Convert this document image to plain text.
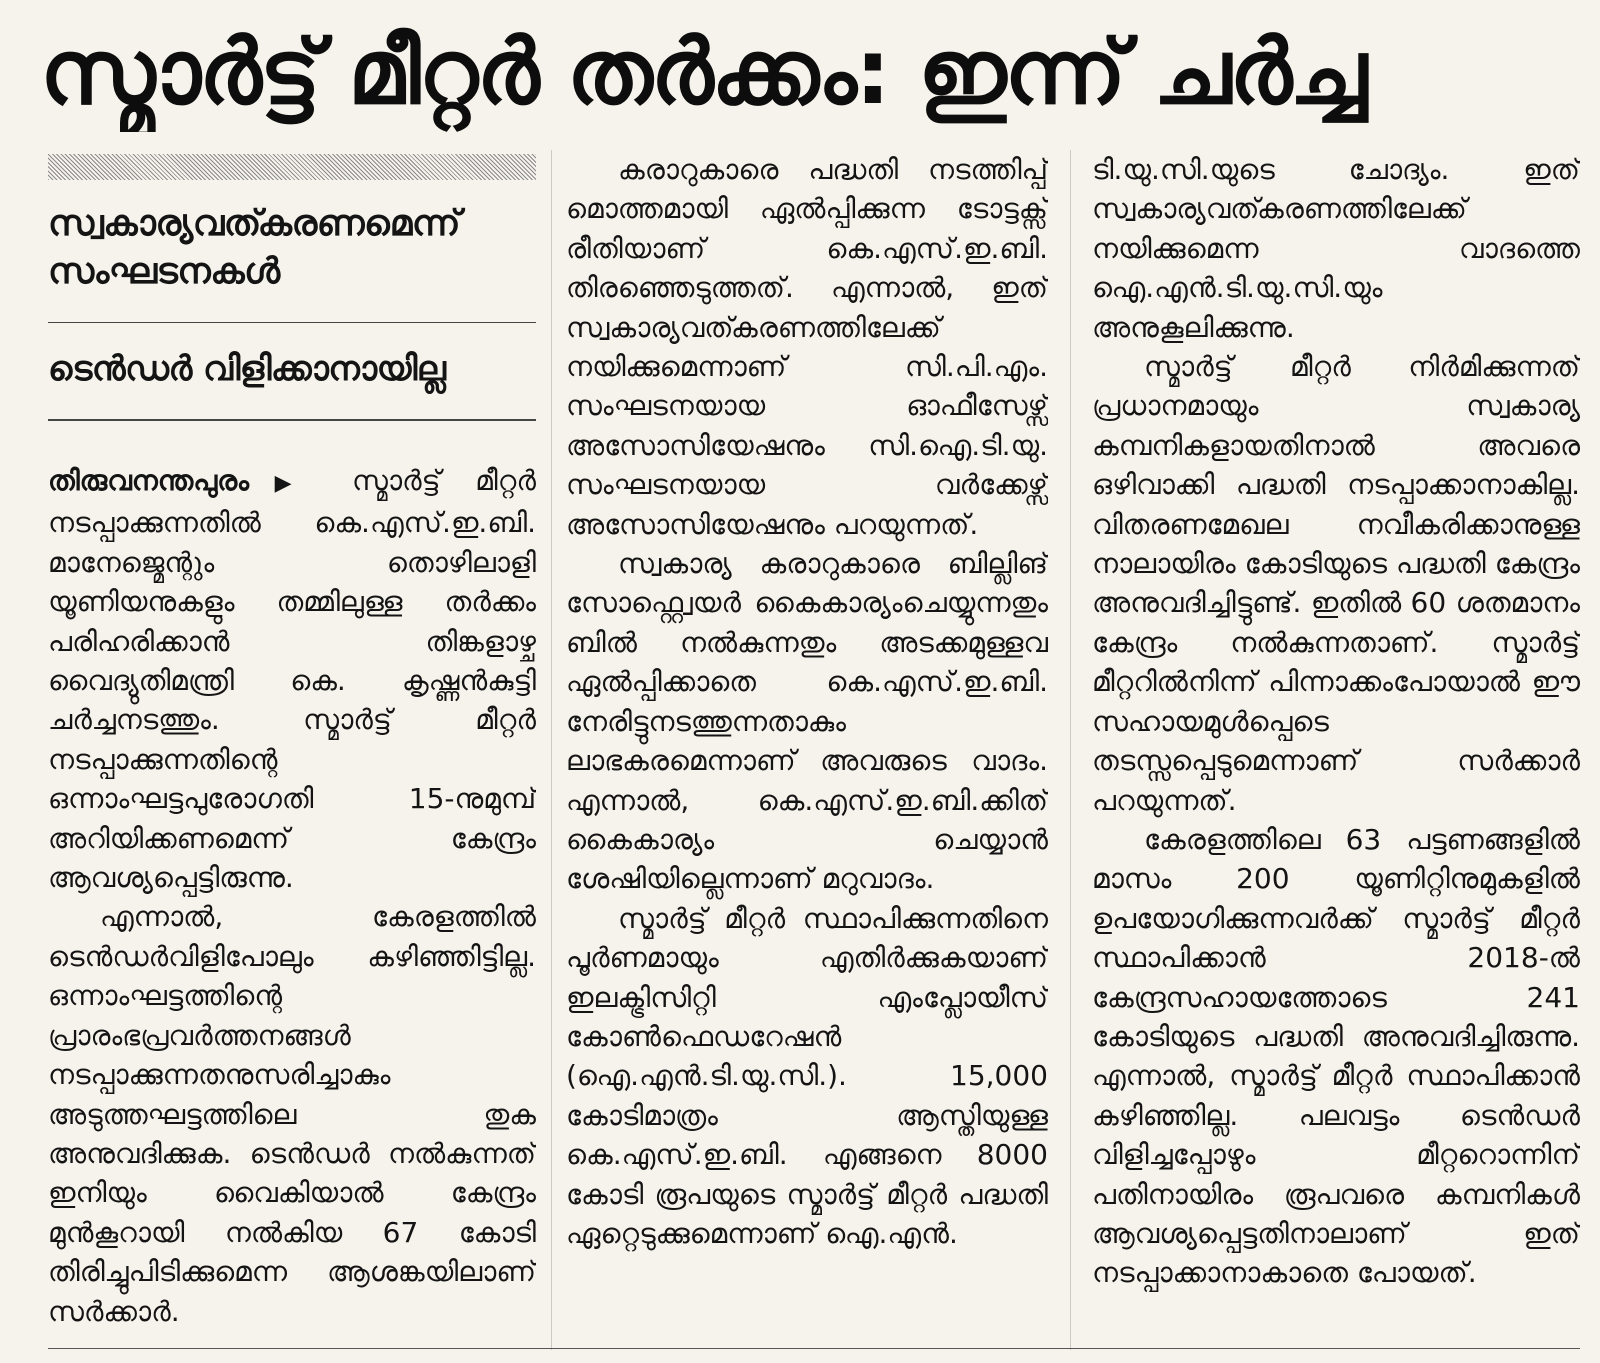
സ്മാർട്ട് മീറ്റർ തർക്കം: ഇന്ന് ചർച്ച
സ്വകാര്യവത്കരണമെന്ന് സംഘടനകൾ
ടെൻഡർ വിളിക്കാനായില്ല

തിരുവനന്തപുരം▶ സ്മാർട്ട് മീറ്റർ നടപ്പാക്കുന്നതിൽ കെ.എസ്.ഇ.ബി. മാനേജ്മെന്റും തൊഴിലാളി യൂണിയനുകളും തമ്മിലുള്ള തർക്കം പരിഹരിക്കാൻ തിങ്കളാഴ്ച വൈദ്യുതിമന്ത്രി കെ. കൃഷ്ണൻകുട്ടി ചർച്ചനടത്തും. സ്മാർട്ട് മീറ്റർ നടപ്പാക്കുന്നതിന്റെ ഒന്നാംഘട്ടപുരോഗതി 15-നുമുമ്പ് അറിയിക്കണമെന്ന് കേന്ദ്രം ആവശ്യപ്പെട്ടിരുന്നു.

എന്നാൽ, കേരളത്തിൽ ടെൻഡർവിളിപോലും കഴിഞ്ഞിട്ടില്ല. ഒന്നാംഘട്ടത്തിന്റെ പ്രാരംഭപ്രവർത്തനങ്ങൾ നടപ്പാക്കുന്നതനുസരിച്ചാകും അടുത്തഘട്ടത്തിലെ തുക അനുവദിക്കുക. ടെൻഡർ നൽകുന്നത് ഇനിയും വൈകിയാൽ കേന്ദ്രം മുൻകൂറായി നൽകിയ 67 കോടി തിരിച്ചുപിടിക്കുമെന്ന ആശങ്കയിലാണ് സർക്കാർ.

കരാറുകാരെ പദ്ധതി നടത്തിപ്പ് മൊത്തമായി ഏൽപ്പിക്കുന്ന ടോട്ടക്സ് രീതിയാണ് കെ.എസ്.ഇ.ബി. തിരഞ്ഞെടുത്തത്. എന്നാൽ, ഇത് സ്വകാര്യവത്കരണത്തിലേക്ക് നയിക്കുമെന്നാണ് സി.പി.എം. സംഘടനയായ ഓഫീസേഴ്സ് അസോസിയേഷനും സി.ഐ.ടി.യു. സംഘടനയായ വർക്കേഴ്സ് അസോസിയേഷനും പറയുന്നത്.

സ്വകാര്യ കരാറുകാരെ ബില്ലിങ് സോഫ്റ്റ്വെയർ കൈകാര്യംചെയ്യുന്നതും ബിൽ നൽകുന്നതും അടക്കമുള്ളവ ഏൽപ്പിക്കാതെ കെ.എസ്.ഇ.ബി. നേരിട്ടുനടത്തുന്നതാകും ലാഭകരമെന്നാണ് അവരുടെ വാദം. എന്നാൽ, കെ.എസ്.ഇ.ബി.ക്കിത് കൈകാര്യം ചെയ്യാൻ ശേഷിയില്ലെന്നാണ് മറുവാദം.

സ്മാർട്ട് മീറ്റർ സ്ഥാപിക്കുന്നതിനെ പൂർണമായും എതിർക്കുകയാണ് ഇലക്ട്രിസിറ്റി എംപ്ലോയീസ് കോൺഫെഡറേഷൻ (ഐ.എൻ.ടി.യു.സി.). 15,000 കോടിമാത്രം ആസ്തിയുള്ള കെ.എസ്.ഇ.ബി. എങ്ങനെ 8000 കോടി രൂപയുടെ സ്മാർട്ട് മീറ്റർ പദ്ധതി ഏറ്റെടുക്കുമെന്നാണ് ഐ.എൻ.

ടി.യു.സി.യുടെ ചോദ്യം. ഇത് സ്വകാര്യവത്കരണത്തിലേക്ക് നയിക്കുമെന്ന വാദത്തെ ഐ.എൻ.ടി.യു.സി.യും അനുകൂലിക്കുന്നു.

സ്മാർട്ട് മീറ്റർ നിർമിക്കുന്നത് പ്രധാനമായും സ്വകാര്യ കമ്പനികളായതിനാൽ അവരെ ഒഴിവാക്കി പദ്ധതി നടപ്പാക്കാനാകില്ല. വിതരണമേഖല നവീകരിക്കാനുള്ള നാലായിരം കോടിയുടെ പദ്ധതി കേന്ദ്രം അനുവദിച്ചിട്ടുണ്ട്. ഇതിൽ 60 ശതമാനം കേന്ദ്രം നൽകുന്നതാണ്. സ്മാർട്ട് മീറ്ററിൽനിന്ന് പിന്നാക്കംപോയാൽ ഈ സഹായമുൾപ്പെടെ തടസ്സപ്പെടുമെന്നാണ് സർക്കാർ പറയുന്നത്.

കേരളത്തിലെ 63 പട്ടണങ്ങളിൽ മാസം 200 യൂണിറ്റിനുമുകളിൽ ഉപയോഗിക്കുന്നവർക്ക് സ്മാർട്ട് മീറ്റർ സ്ഥാപിക്കാൻ 2018-ൽ കേന്ദ്രസഹായത്തോടെ 241 കോടിയുടെ പദ്ധതി അനുവദിച്ചിരുന്നു. എന്നാൽ, സ്മാർട്ട് മീറ്റർ സ്ഥാപിക്കാൻ കഴിഞ്ഞില്ല. പലവട്ടം ടെൻഡർ വിളിച്ചപ്പോഴും മീറ്ററൊന്നിന് പതിനായിരം രൂപവരെ കമ്പനികൾ ആവശ്യപ്പെട്ടതിനാലാണ് ഇത് നടപ്പാക്കാനാകാതെ പോയത്.
